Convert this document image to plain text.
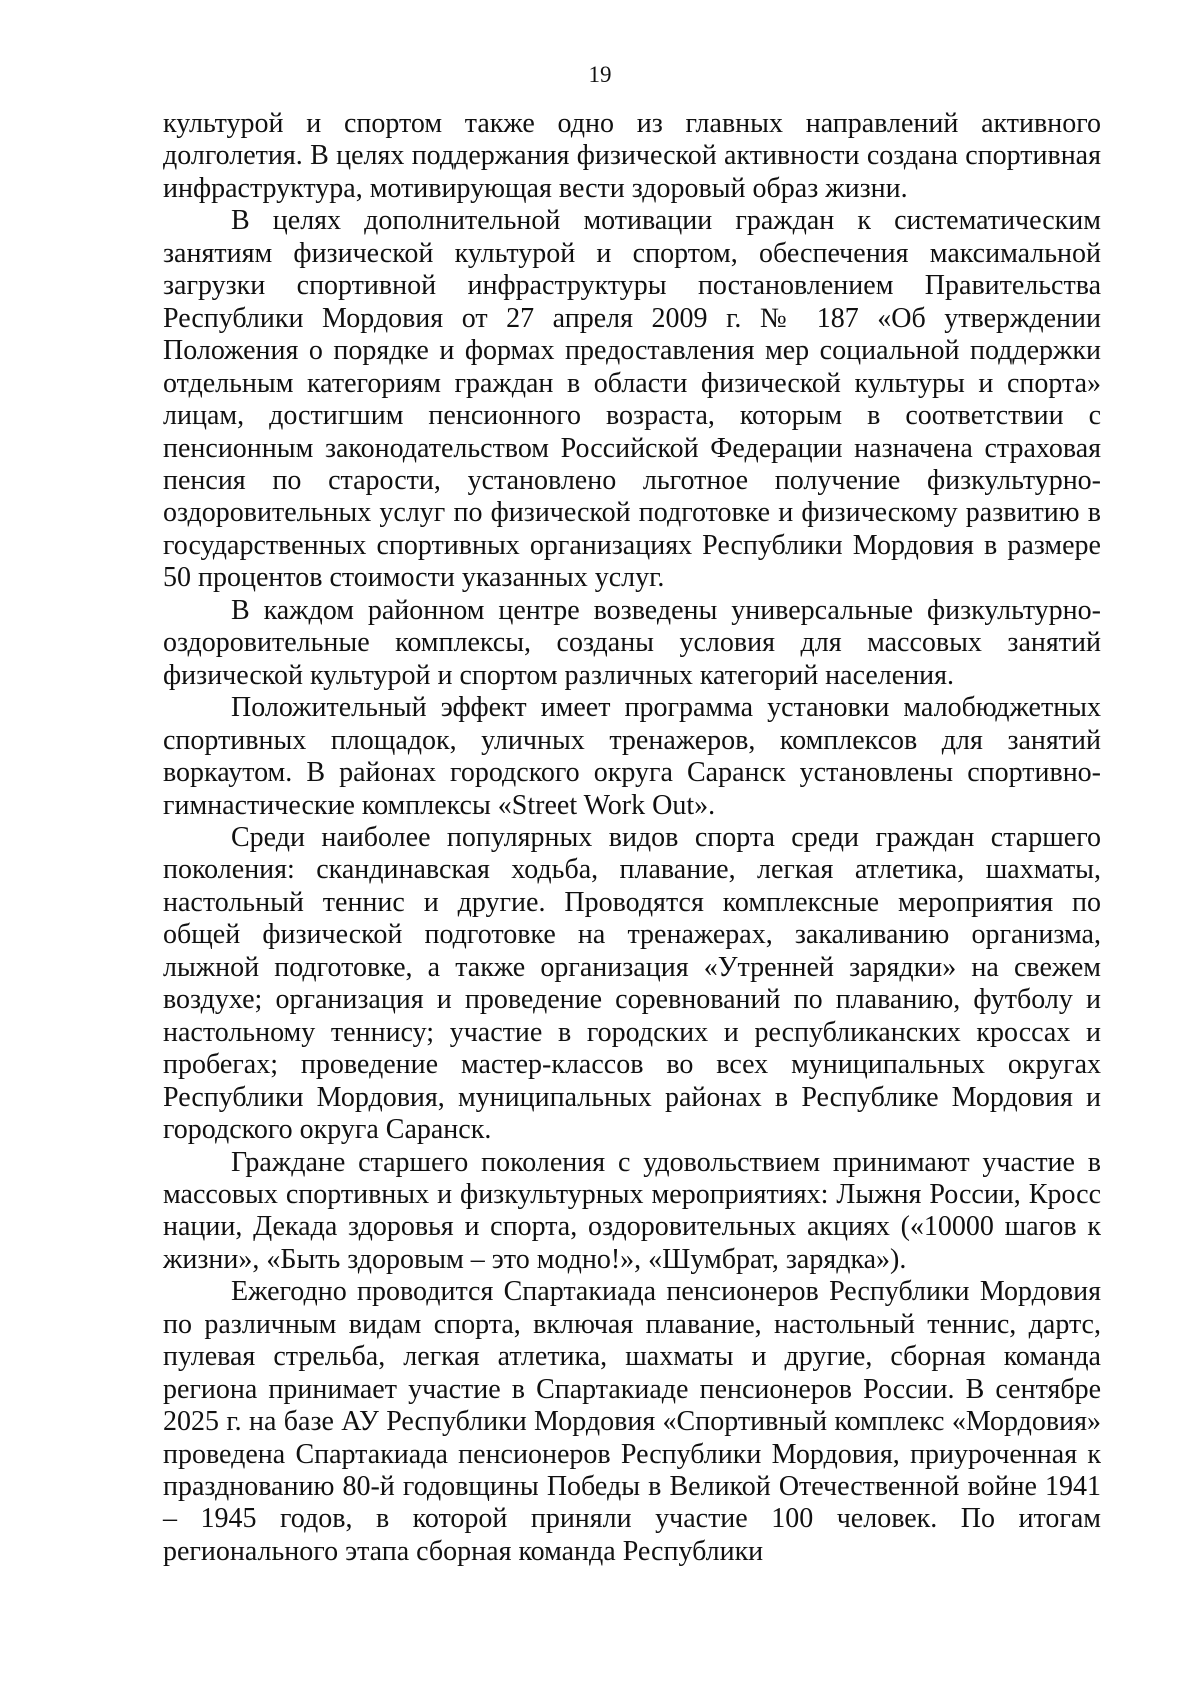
19

культурой и спортом также одно из главных направлений активного долголетия. В целях поддержания физической активности создана спортивная инфраструктура, мотивирующая вести здоровый образ жизни.

В целях дополнительной мотивации граждан к систематическим занятиям физической культурой и спортом, обеспечения максимальной загрузки спортивной инфраструктуры постановлением Правительства Республики Мордовия от 27 апреля 2009 г. № 187 «Об утверждении Положения о порядке и формах предоставления мер социальной поддержки отдельным категориям граждан в области физической культуры и спорта» лицам, достигшим пенсионного возраста, которым в соответствии с пенсионным законодательством Российской Федерации назначена страховая пенсия по старости, установлено льготное получение физкультурно-оздоровительных услуг по физической подготовке и физическому развитию в государственных спортивных организациях Республики Мордовия в размере 50 процентов стоимости указанных услуг.

В каждом районном центре возведены универсальные физкультурно-оздоровительные комплексы, созданы условия для массовых занятий физической культурой и спортом различных категорий населения.

Положительный эффект имеет программа установки малобюджетных спортивных площадок, уличных тренажеров, комплексов для занятий воркаутом. В районах городского округа Саранск установлены спортивно-гимнастические комплексы «Street Work Out».

Среди наиболее популярных видов спорта среди граждан старшего поколения: скандинавская ходьба, плавание, легкая атлетика, шахматы, настольный теннис и другие. Проводятся комплексные мероприятия по общей физической подготовке на тренажерах, закаливанию организма, лыжной подготовке, а также организация «Утренней зарядки» на свежем воздухе; организация и проведение соревнований по плаванию, футболу и настольному теннису; участие в городских и республиканских кроссах и пробегах; проведение мастер-классов во всех муниципальных округах Республики Мордовия, муниципальных районах в Республике Мордовия и городского округа Саранск.

Граждане старшего поколения с удовольствием принимают участие в массовых спортивных и физкультурных мероприятиях: Лыжня России, Кросс нации, Декада здоровья и спорта, оздоровительных акциях («10000 шагов к жизни», «Быть здоровым – это модно!», «Шумбрат, зарядка»).

Ежегодно проводится Спартакиада пенсионеров Республики Мордовия по различным видам спорта, включая плавание, настольный теннис, дартс, пулевая стрельба, легкая атлетика, шахматы и другие, сборная команда региона принимает участие в Спартакиаде пенсионеров России. В сентябре 2025 г. на базе АУ Республики Мордовия «Спортивный комплекс «Мордовия» проведена Спартакиада пенсионеров Республики Мордовия, приуроченная к празднованию 80-й годовщины Победы в Великой Отечественной войне 1941 – 1945 годов, в которой приняли участие 100 человек. По итогам регионального этапа сборная команда Республики
